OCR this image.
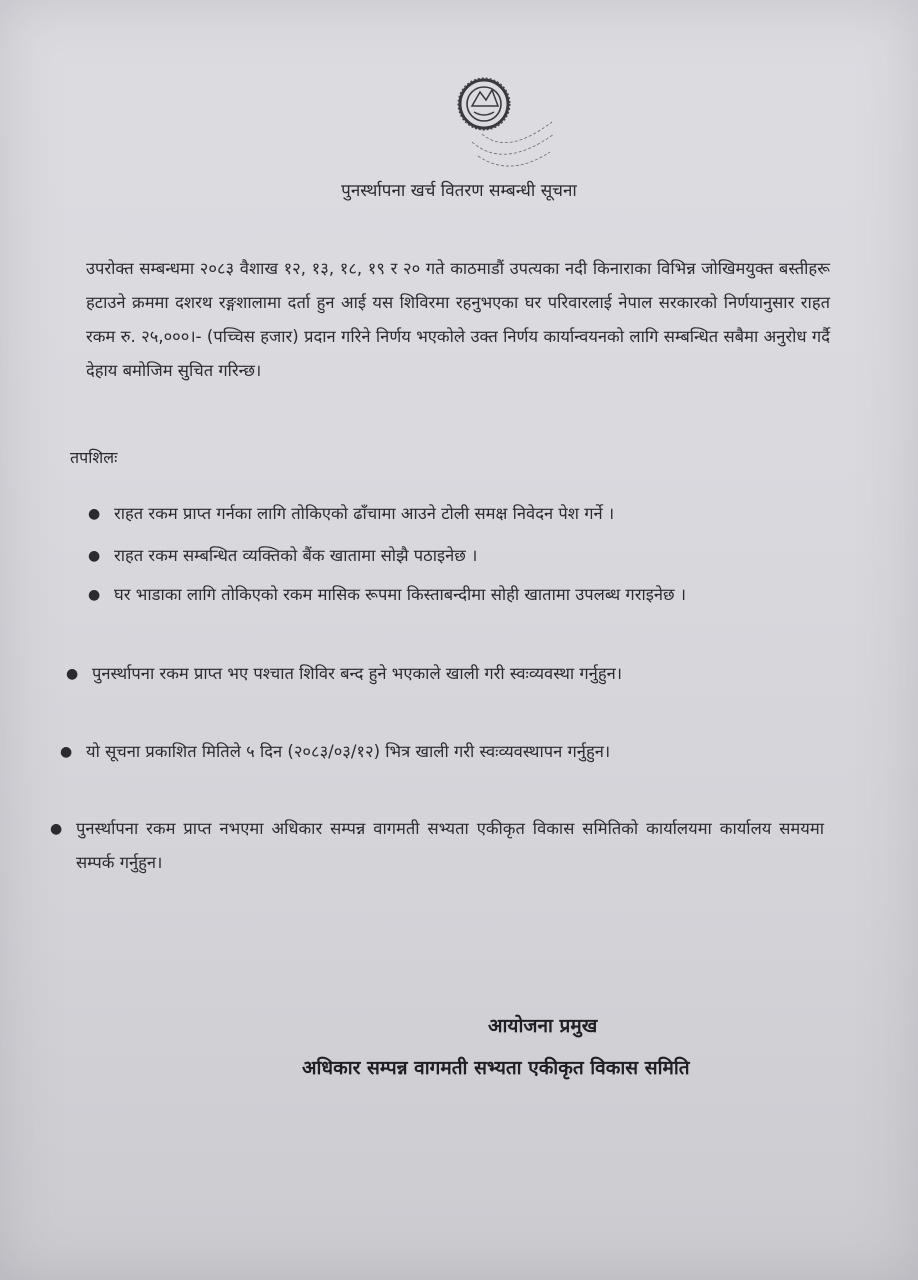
पुनर्स्थापना खर्च वितरण सम्बन्धी सूचना
उपरोक्त सम्बन्धमा २०८३ वैशाख १२, १३, १८, १९ र २० गते काठमाडौं उपत्यका नदी किनाराका विभिन्न जोखिमयुक्त बस्तीहरू हटाउने क्रममा दशरथ रङ्गशालामा दर्ता हुन आई यस शिविरमा रहनुभएका घर परिवारलाई नेपाल सरकारको निर्णयानुसार राहत रकम रु. २५,०००।- (पच्चिस हजार) प्रदान गरिने निर्णय भएकोले उक्त निर्णय कार्यान्वयनको लागि सम्बन्धित सबैमा अनुरोध गर्दै देहाय बमोजिम सुचित गरिन्छ।
तपशिलः
● राहत रकम प्राप्त गर्नका लागि तोकिएको ढाँचामा आउने टोली समक्ष निवेदन पेश गर्ने ।
● राहत रकम सम्बन्धित व्यक्तिको बैंक खातामा सोझै पठाइनेछ ।
● घर भाडाका लागि तोकिएको रकम मासिक रूपमा किस्ताबन्दीमा सोही खातामा उपलब्ध गराइनेछ ।
● पुनर्स्थापना रकम प्राप्त भए पश्चात शिविर बन्द हुने भएकाले खाली गरी स्वःव्यवस्था गर्नुहुन।
● यो सूचना प्रकाशित मितिले ५ दिन (२०८३/०३/१२) भित्र खाली गरी स्वःव्यवस्थापन गर्नुहुन।
● पुनर्स्थापना रकम प्राप्त नभएमा अधिकार सम्पन्न वागमती सभ्यता एकीकृत विकास समितिको कार्यालयमा कार्यालय समयमा सम्पर्क गर्नुहुन।
आयोजना प्रमुख
अधिकार सम्पन्न वागमती सभ्यता एकीकृत विकास समिति
